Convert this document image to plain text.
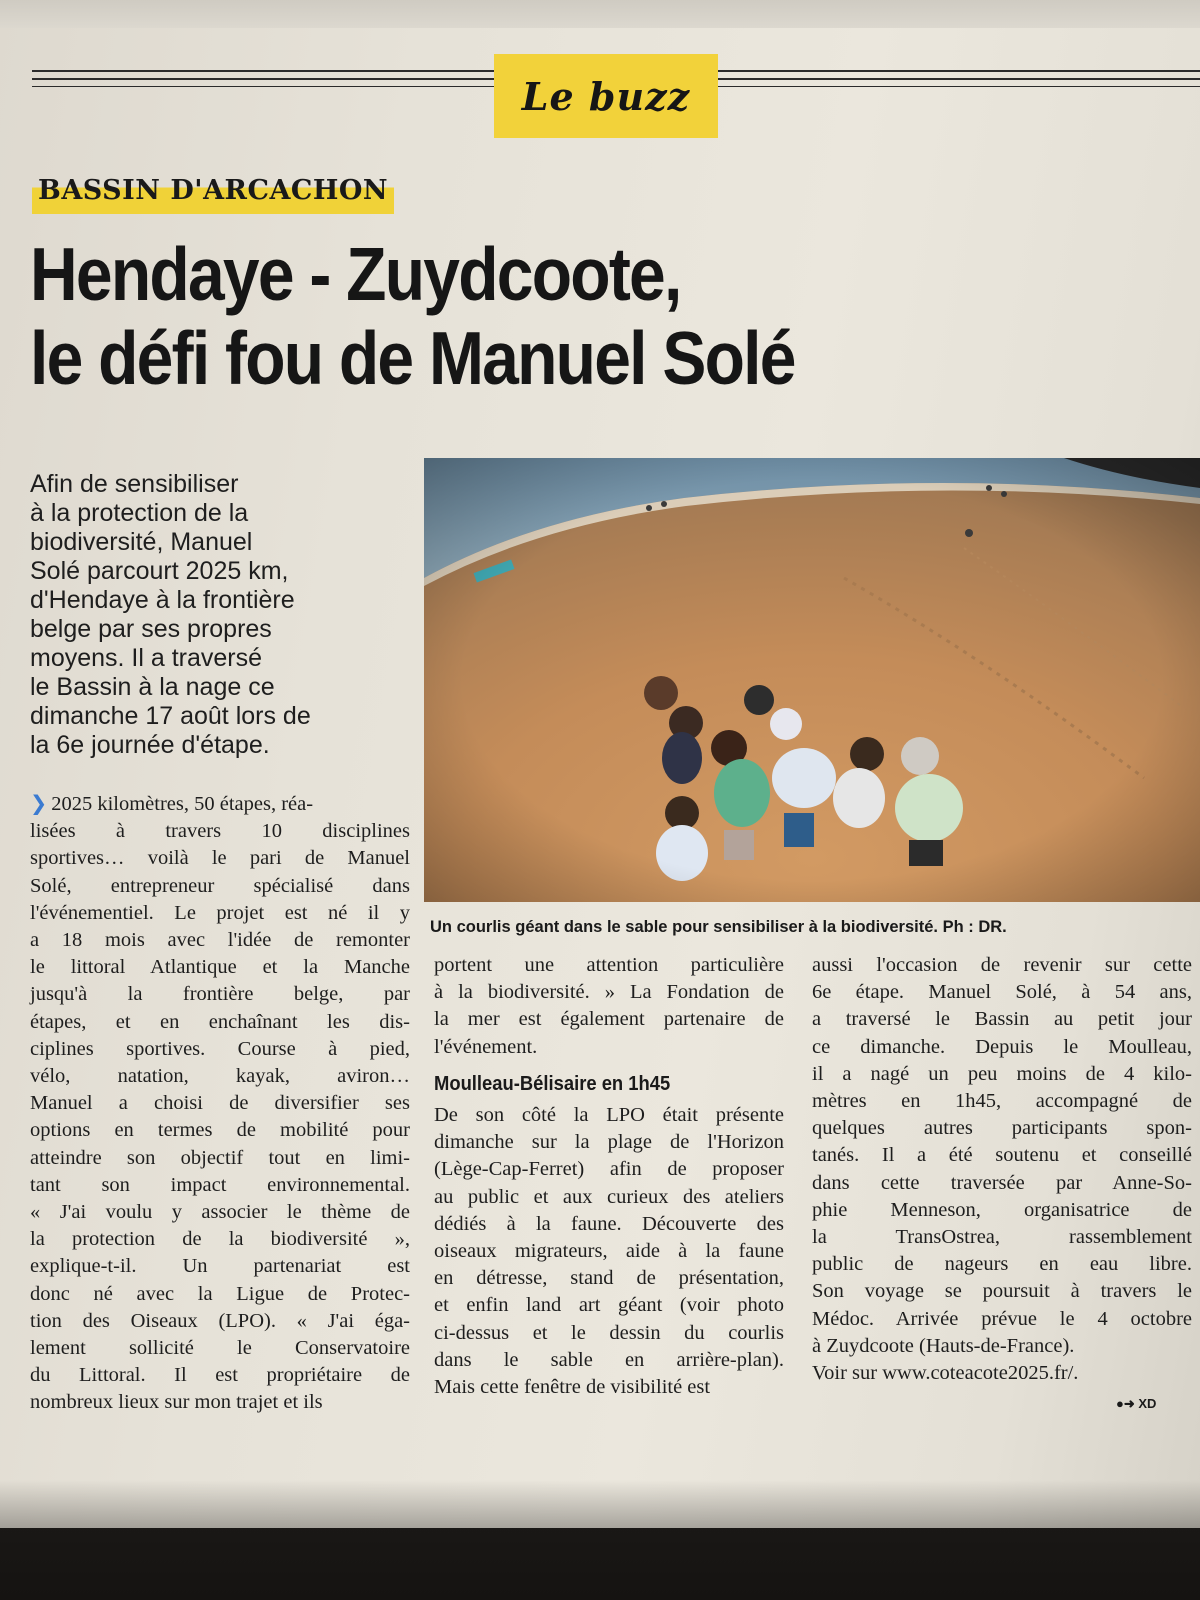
Le buzz
BASSIN D'ARCACHON
Hendaye - Zuydcoote,
le défi fou de Manuel Solé
Afin de sensibiliser
à la protection de la
biodiversité, Manuel
Solé parcourt 2025 km,
d'Hendaye à la frontière
belge par ses propres
moyens. Il a traversé
le Bassin à la nage ce
dimanche 17 août lors de
la 6e journée d'étape.
Un courlis géant dans le sable pour sensibiliser à la biodiversité. Ph : DR.
❯ 2025 kilomètres, 50 étapes, réa-
lisées à travers 10 disciplines
sportives… voilà le pari de Manuel
Solé, entrepreneur spécialisé dans
l'événementiel. Le projet est né il y
a 18 mois avec l'idée de remonter
le littoral Atlantique et la Manche
jusqu'à la frontière belge, par
étapes, et en enchaînant les dis-
ciplines sportives. Course à pied,
vélo, natation, kayak, aviron…
Manuel a choisi de diversifier ses
options en termes de mobilité pour
atteindre son objectif tout en limi-
tant son impact environnemental.
« J'ai voulu y associer le thème de
la protection de la biodiversité »,
explique-t-il. Un partenariat est
donc né avec la Ligue de Protec-
tion des Oiseaux (LPO). « J'ai éga-
lement sollicité le Conservatoire
du Littoral. Il est propriétaire de
nombreux lieux sur mon trajet et ils
portent une attention particulière
à la biodiversité. » La Fondation de
la mer est également partenaire de
l'événement.
Moulleau-Bélisaire en 1h45
De son côté la LPO était présente
dimanche sur la plage de l'Horizon
(Lège-Cap-Ferret) afin de proposer
au public et aux curieux des ateliers
dédiés à la faune. Découverte des
oiseaux migrateurs, aide à la faune
en détresse, stand de présentation,
et enfin land art géant (voir photo
ci-dessus et le dessin du courlis
dans le sable en arrière-plan).
Mais cette fenêtre de visibilité est
aussi l'occasion de revenir sur cette
6e étape. Manuel Solé, à 54 ans,
a traversé le Bassin au petit jour
ce dimanche. Depuis le Moulleau,
il a nagé un peu moins de 4 kilo-
mètres en 1h45, accompagné de
quelques autres participants spon-
tanés. Il a été soutenu et conseillé
dans cette traversée par Anne-So-
phie Menneson, organisatrice de
la TransOstrea, rassemblement
public de nageurs en eau libre.
Son voyage se poursuit à travers le
Médoc. Arrivée prévue le 4 octobre
à Zuydcoote (Hauts-de-France).
Voir sur www.coteacote2025.fr/.
●➜ XD
